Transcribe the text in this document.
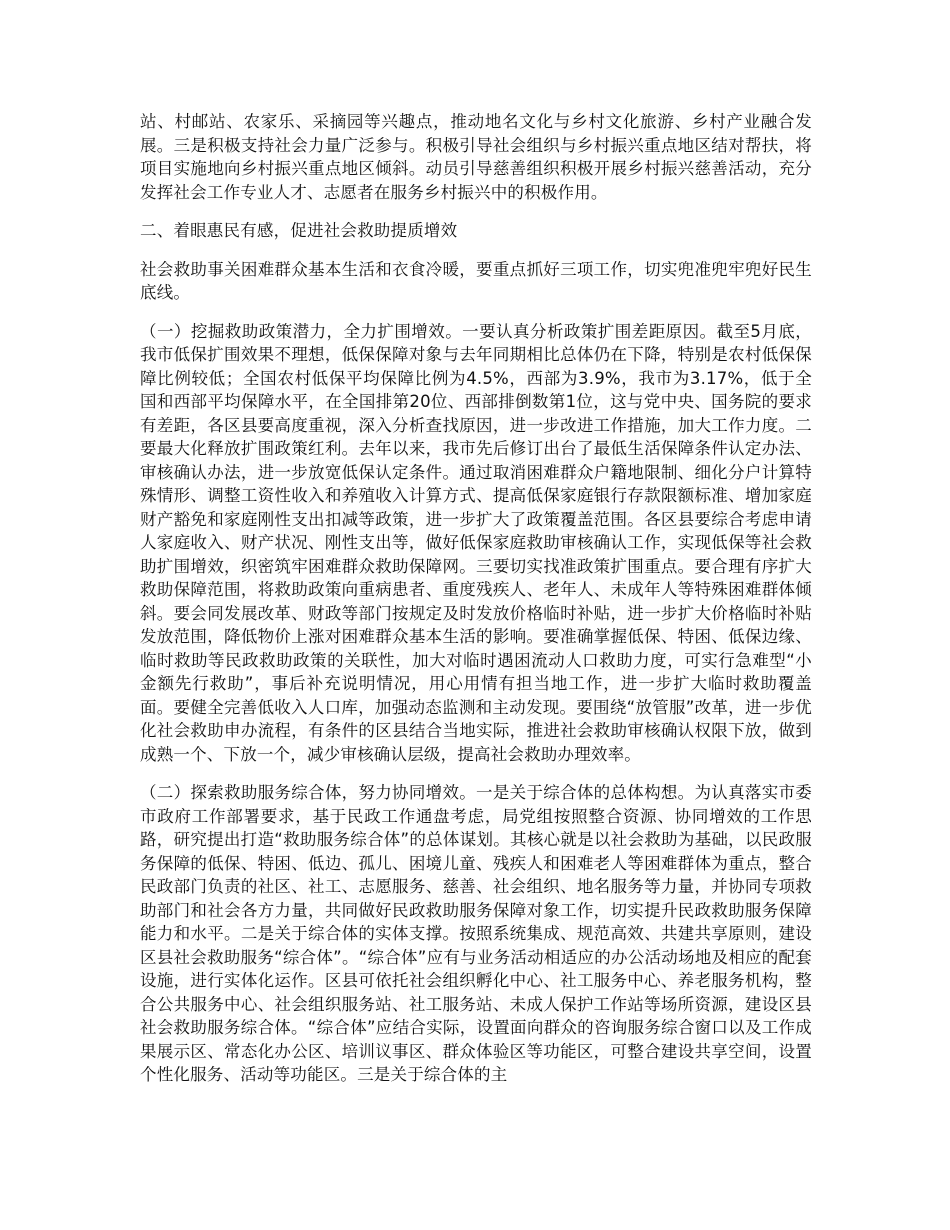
站、村邮站、农家乐、采摘园等兴趣点，推动地名文化与乡村文化旅游、乡村产业融合发展。三是积极支持社会力量广泛参与。积极引导社会组织与乡村振兴重点地区结对帮扶，将项目实施地向乡村振兴重点地区倾斜。动员引导慈善组织积极开展乡村振兴慈善活动，充分发挥社会工作专业人才、志愿者在服务乡村振兴中的积极作用。

二、着眼惠民有感，促进社会救助提质增效

社会救助事关困难群众基本生活和衣食冷暖，要重点抓好三项工作，切实兜准兜牢兜好民生底线。

（一）挖掘救助政策潜力，全力扩围增效。一要认真分析政策扩围差距原因。截至5月底，我市低保扩围效果不理想，低保保障对象与去年同期相比总体仍在下降，特别是农村低保保障比例较低；全国农村低保平均保障比例为4.5%，西部为3.9%，我市为3.17%，低于全国和西部平均保障水平，在全国排第20位、西部排倒数第1位，这与党中央、国务院的要求有差距，各区县要高度重视，深入分析查找原因，进一步改进工作措施，加大工作力度。二要最大化释放扩围政策红利。去年以来，我市先后修订出台了最低生活保障条件认定办法、审核确认办法，进一步放宽低保认定条件。通过取消困难群众户籍地限制、细化分户计算特殊情形、调整工资性收入和养殖收入计算方式、提高低保家庭银行存款限额标准、增加家庭财产豁免和家庭刚性支出扣减等政策，进一步扩大了政策覆盖范围。各区县要综合考虑申请人家庭收入、财产状况、刚性支出等，做好低保家庭救助审核确认工作，实现低保等社会救助扩围增效，织密筑牢困难群众救助保障网。三要切实找准政策扩围重点。要合理有序扩大救助保障范围，将救助政策向重病患者、重度残疾人、老年人、未成年人等特殊困难群体倾斜。要会同发展改革、财政等部门按规定及时发放价格临时补贴，进一步扩大价格临时补贴发放范围，降低物价上涨对困难群众基本生活的影响。要准确掌握低保、特困、低保边缘、临时救助等民政救助政策的关联性，加大对临时遇困流动人口救助力度，可实行急难型“小金额先行救助”，事后补充说明情况，用心用情有担当地工作，进一步扩大临时救助覆盖面。要健全完善低收入人口库，加强动态监测和主动发现。要围绕“放管服”改革，进一步优化社会救助申办流程，有条件的区县结合当地实际，推进社会救助审核确认权限下放，做到成熟一个、下放一个，减少审核确认层级，提高社会救助办理效率。

（二）探索救助服务综合体，努力协同增效。一是关于综合体的总体构想。为认真落实市委市政府工作部署要求，基于民政工作通盘考虑，局党组按照整合资源、协同增效的工作思路，研究提出打造“救助服务综合体”的总体谋划。其核心就是以社会救助为基础，以民政服务保障的低保、特困、低边、孤儿、困境儿童、残疾人和困难老人等困难群体为重点，整合民政部门负责的社区、社工、志愿服务、慈善、社会组织、地名服务等力量，并协同专项救助部门和社会各方力量，共同做好民政救助服务保障对象工作，切实提升民政救助服务保障能力和水平。二是关于综合体的实体支撑。按照系统集成、规范高效、共建共享原则，建设区县社会救助服务“综合体”。“综合体”应有与业务活动相适应的办公活动场地及相应的配套设施，进行实体化运作。区县可依托社会组织孵化中心、社工服务中心、养老服务机构，整合公共服务中心、社会组织服务站、社工服务站、未成人保护工作站等场所资源，建设区县社会救助服务综合体。“综合体”应结合实际，设置面向群众的咨询服务综合窗口以及工作成果展示区、常态化办公区、培训议事区、群众体验区等功能区，可整合建设共享空间，设置个性化服务、活动等功能区。三是关于综合体的主
